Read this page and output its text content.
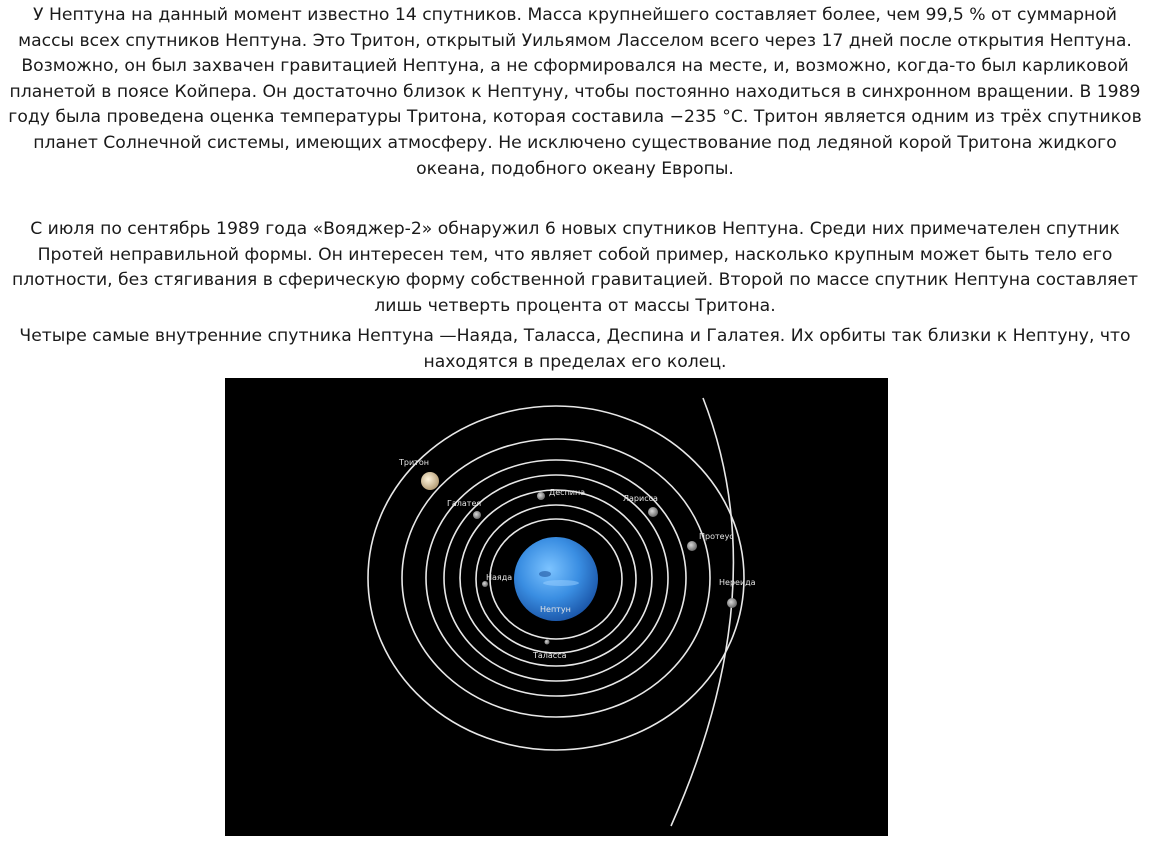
У Нептуна на данный момент известно 14 спутников. Масса крупнейшего составляет более, чем 99,5 % от суммарной массы всех спутников Нептуна. Это Тритон, открытый Уильямом Ласселом всего через 17 дней после открытия Нептуна. Возможно, он был захвачен гравитацией Нептуна, а не сформировался на месте, и, возможно, когда-то был карликовой планетой в поясе Койпера. Он достаточно близок к Нептуну, чтобы постоянно находиться в синхронном вращении. В 1989 году была проведена оценка температуры Тритона, которая составила −235 °С. Тритон является одним из трёх спутников планет Солнечной системы, имеющих атмосферу. Не исключено существование под ледяной корой Тритона жидкого океана, подобного океану Европы.

С июля по сентябрь 1989 года «Вояджер-2» обнаружил 6 новых спутников Нептуна. Среди них примечателен спутник Протей неправильной формы. Он интересен тем, что являет собой пример, насколько крупным может быть тело его плотности, без стягивания в сферическую форму собственной гравитацией. Второй по массе спутник Нептуна составляет лишь четверть процента от массы Тритона.

Четыре самые внутренние спутника Нептуна —Наяда, Таласса, Деспина и Галатея. Их орбиты так близки к Нептуну, что находятся в пределах его колец.

Нептун
Тритон
Галатея
Деспина
Ларисса
Протеус
Нереида
Наяда
Таласса
